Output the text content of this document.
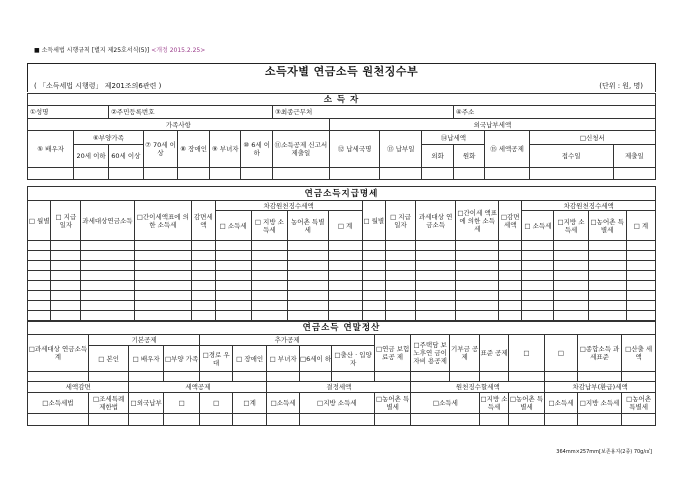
■ 소득세법 시행규칙 [별지 제25호서식(5)] <개정 2015.2.25>
소득자별 연금소득 원천징수부
( 「소득세법 시행령」 제201조의6관련 )	(단위 : 원, 명)
소 득 자														
①성명		②주민등록번호					③최종근무처				④주소			
가족사항								외국납부세액						
⑤ 배우자	⑥부양가족		⑦ 70세 이상	⑧ 장애인	⑨ 부녀자	⑩ 6세 이하	⑪소득공제 신고서제출일	⑫ 납세국명	⑬ 납부일	⑭납세액		⑮ 세액공제	□신청서	
	20세 이하	60세 이상								외화	원화		접수일	제출일

연금소득지급명세																	
□ 월별	□ 지급 일자	과세대상연금소득	□간이세액표에 의한 소득세	감면세액	차감원천징수세액				□ 월별	□ 지급 일자	과세대상 연금소득	□간이세 액표에 의한 소득세	□감면 세액	차감원천징수세액			
					□ 소득세	□ 지방 소득세	농어촌 특별세	□ 계						□ 소득세	□지방 소득세	□농어촌 특별세	□ 계

연금소득 연말정산																
□과세대상 연금소득 계	기본공제			추가공제					□연금 보험료공 제	□주택담 보노후연 금이자비 용공제	기부금 공제	표준 공제	□	□	□종합소득 과세표준	□산출 세액
	□ 본인	□ 배우자	□부양 가족	□경로 우대	□ 장애인	□ 부녀자	□6세이 하	□출산 · 입양자								

세액감면		세액공제				결정세액				원천징수할세액				차감납부(환급)세액		
□소득세법	□조세특례 제한법	□외국납부	□	□	□계	□소득세	□지방 소득세		□농어촌 특별세	□소득세		□지방 소득세	□농어촌 특별세	□소득세	□지방 소득세	□농어촌 특별세

364mm×257mm[보존용지(2종) 70g/㎡]
